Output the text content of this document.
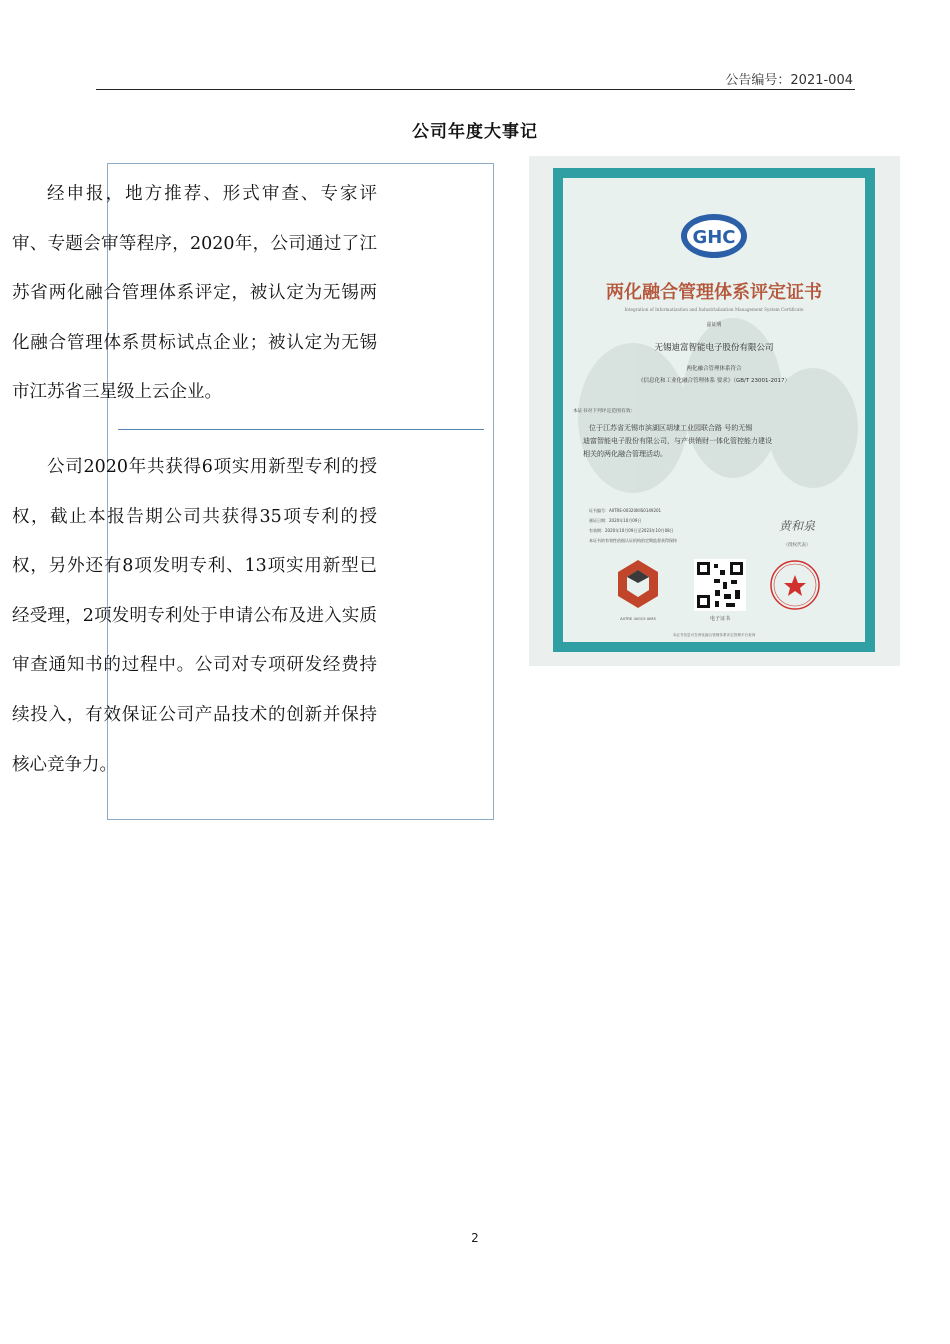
公告编号：2021-004
公司年度大事记

经申报，地方推荐、形式审查、专家评审、专题会审等程序，2020年，公司通过了江苏省两化融合管理体系评定，被认定为无锡两化融合管理体系贯标试点企业；被认定为无锡市江苏省三星级上云企业。

公司2020年共获得6项实用新型专利的授权，截止本报告期公司共获得35项专利的授权，另外还有8项发明专利、13项实用新型已经受理，2项发明专利处于申请公布及进入实质审查通知书的过程中。公司对专项研发经费持续投入，有效保证公司产品技术的创新并保持核心竞争力。

GHC
两化融合管理体系评定证书
Integration of Informatization and Industrialization Management System Certificate
兹证明
无锡迪富智能电子股份有限公司
两化融合管理体系符合
《信息化和工业化融合管理体系 要求》（GB/T 23001-2017）
本证书对下列评定范围有效：
位于江苏省无锡市滨湖区胡埭工业园联合路 号的无锡
迪富智能电子股份有限公司，与产供销财一体化管控能力建设
相关的两化融合管理活动。
证书编号：AIITRE-00320IIIIS0149201
颁证日期：2020年10月09日
有效期：2020年10月09日至2023年10月08日
本证书的有效性依据认证机构的定期监督获得保持
黄和泉
（授权代表）
AIITRE 40015 IIIMS	电子证书
本证书信息可在两化融合管理体系评定管理平台查询
2
